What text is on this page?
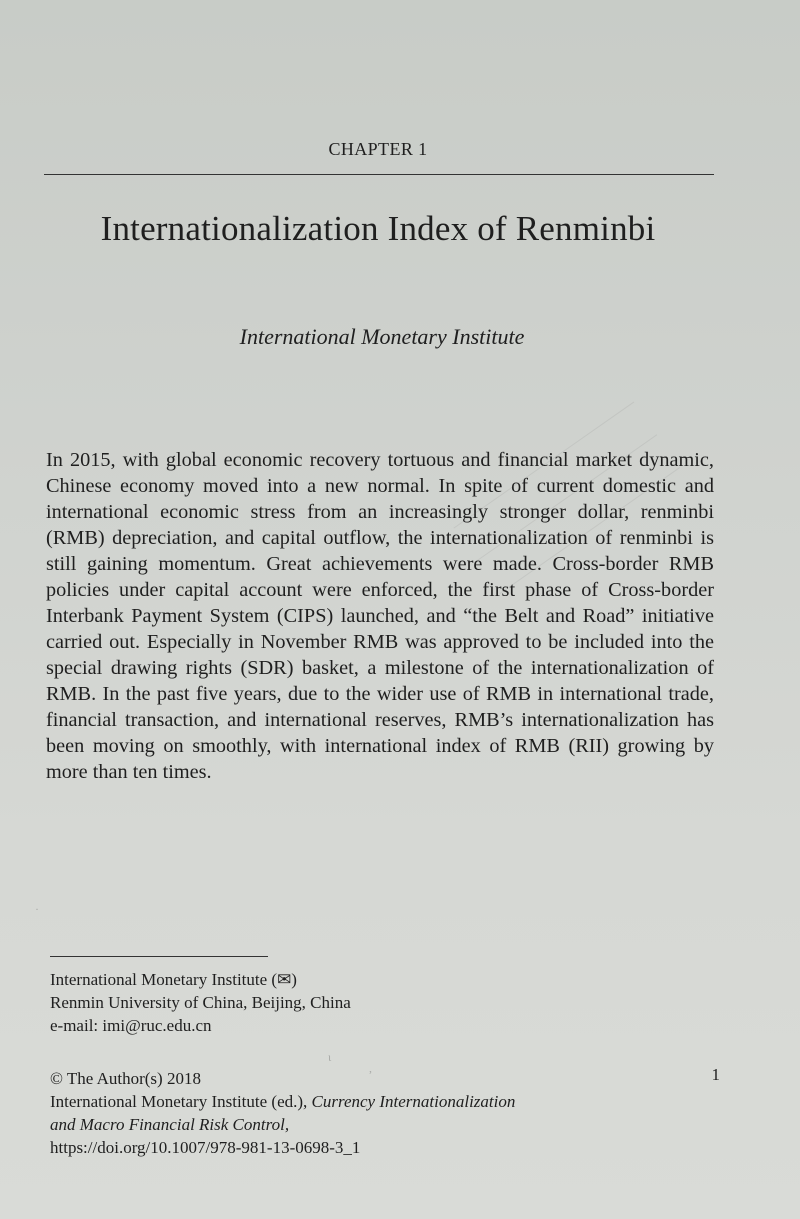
CHAPTER 1
Internationalization Index of Renminbi
International Monetary Institute
In 2015, with global economic recovery tortuous and financial market dynamic, Chinese economy moved into a new normal. In spite of current domestic and international economic stress from an increasingly stronger dollar, renminbi (RMB) depreciation, and capital outflow, the internationalization of renminbi is still gaining momentum. Great achievements were made. Cross-border RMB policies under capital account were enforced, the first phase of Cross-border Interbank Payment System (CIPS) launched, and “the Belt and Road” initiative carried out. Especially in November RMB was approved to be included into the special drawing rights (SDR) basket, a milestone of the internationalization of RMB. In the past five years, due to the wider use of RMB in international trade, financial transaction, and international reserves, RMB’s internationalization has been moving on smoothly, with international index of RMB (RII) growing by more than ten times.
International Monetary Institute (✉)
Renmin University of China, Beijing, China
e-mail: imi@ruc.edu.cn
© The Author(s) 2018
International Monetary Institute (ed.), Currency Internationalization
and Macro Financial Risk Control,
https://doi.org/10.1007/978-981-13-0698-3_1
1
ι
,
·
